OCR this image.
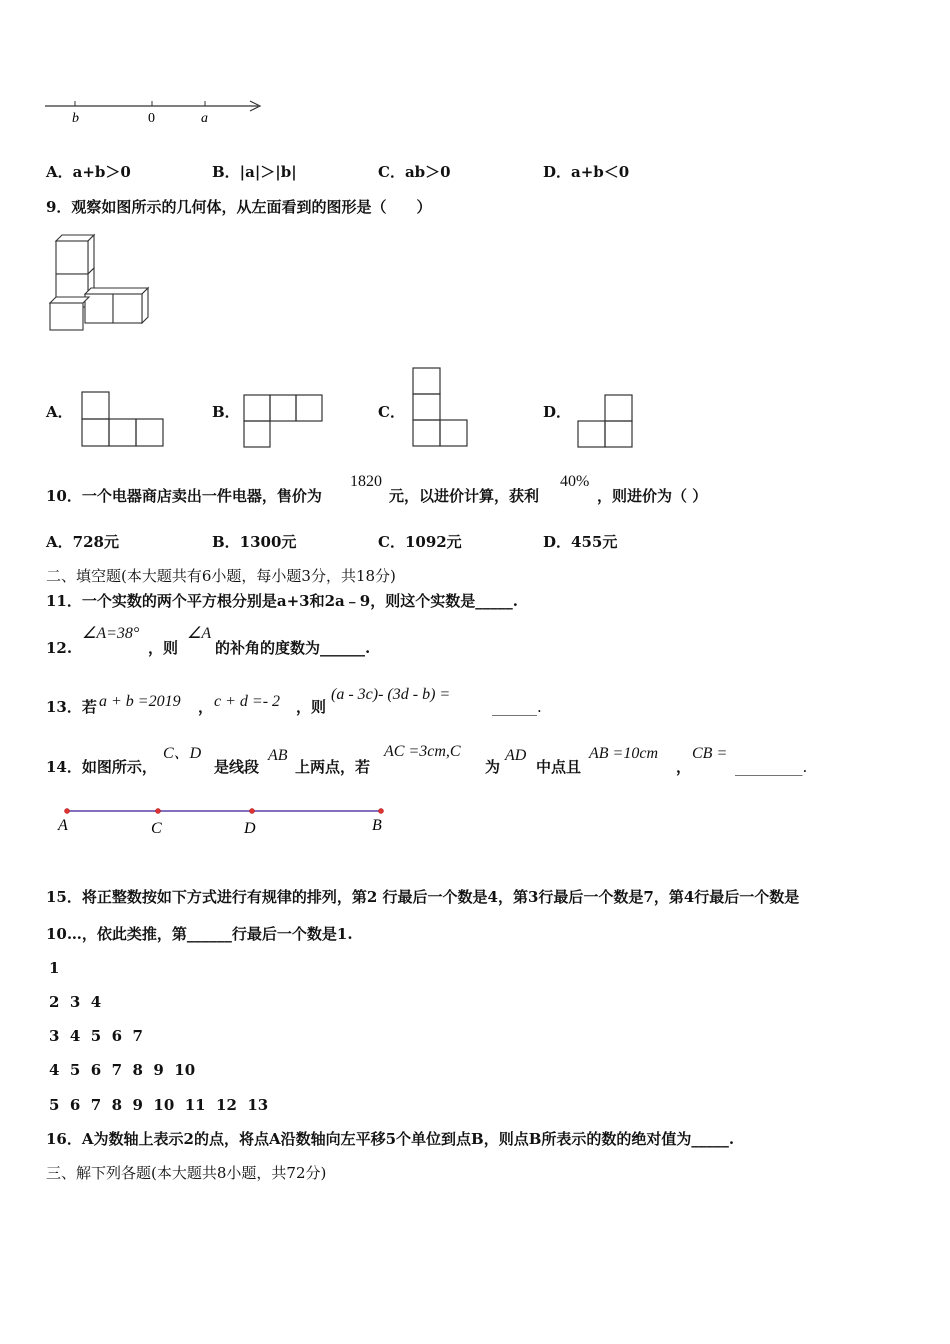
b	0	a
A．a+b＞0	B．|a|＞|b|	C．ab＞0	D．a+b＜0
9．观察如图所示的几何体，从左面看到的图形是（　　）
A．	B．	C．	D．
10．一个电器商店卖出一件电器，售价为
1820
元，以进价计算，获利
40%
，则进价为（ ）
A．728元	B．1300元	C．1092元	D．455元
二、填空题(本大题共有6小题，每小题3分，共18分)
11．一个实数的两个平方根分别是a+3和2a﹣9，则这个实数是_____.
12.
∠A=38°
，则
∠A
的补角的度数为______.
13．若 a + b =2019 ， c + d =- 2 ，则
(a - 3c)- (3d - b) =
______.
14．如图所示，
C、D
是线段
AB
上两点，若
AC =3cm,C
为
AD
中点且
AB =10cm
，
CB =
_________.
A	C	D	B
15．将正整数按如下方式进行有规律的排列，第2 行最后一个数是4，第3行最后一个数是7，第4行最后一个数是
10…，依此类推，第______行最后一个数是1.
1
2  3  4
3  4  5  6  7
4  5  6  7  8  9  10
5  6  7  8  9  10  11  12  13
16．A为数轴上表示2的点，将点A沿数轴向左平移5个单位到点B，则点B所表示的数的绝对值为_____.
三、解下列各题(本大题共8小题，共72分)
